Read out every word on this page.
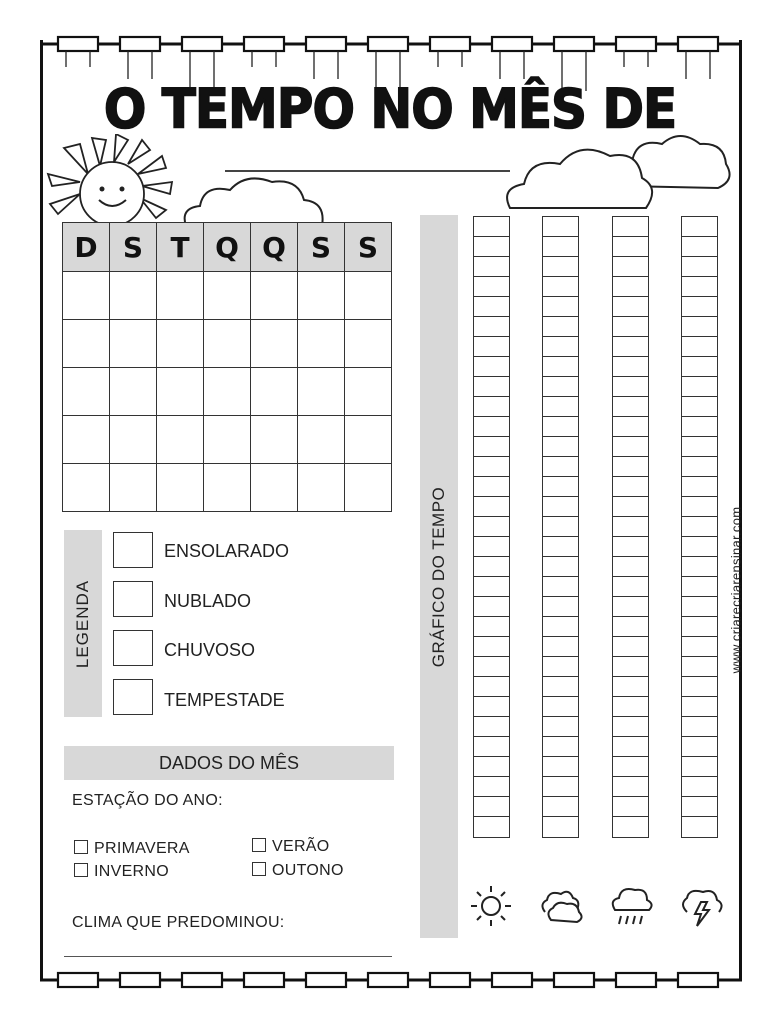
O TEMPO NO MÊS DE
D	S	T	Q	Q	S	S

LEGENDA
ENSOLARADO
NUBLADO
CHUVOSO
TEMPESTADE
DADOS DO MÊS
ESTAÇÃO DO ANO:
PRIMAVERA	VERÃO
INVERNO	OUTONO
CLIMA QUE PREDOMINOU:
GRÁFICO DO TEMPO	www.criarecriarensinar.com
